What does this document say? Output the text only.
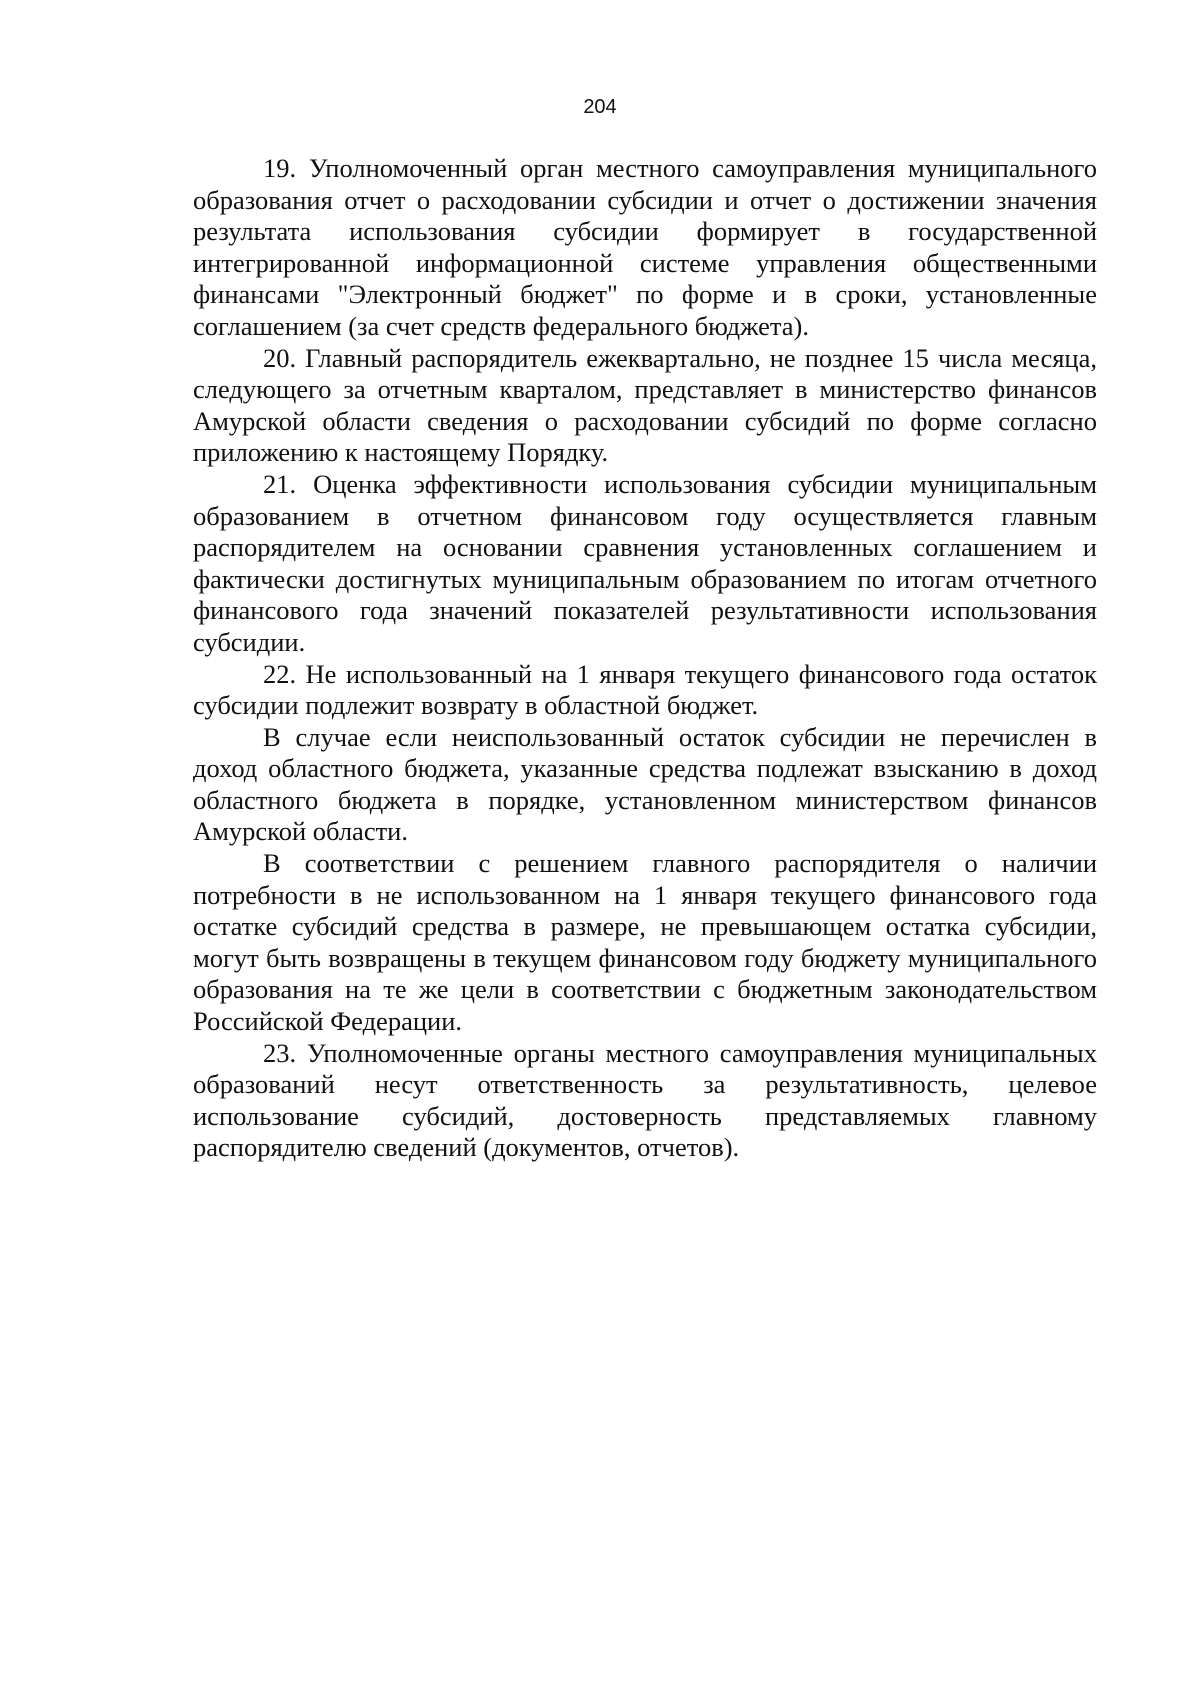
204

19. Уполномоченный орган местного самоуправления муниципального образования отчет о расходовании субсидии и отчет о достижении значения результата использования субсидии формирует в государственной интегрированной информационной системе управления общественными финансами "Электронный бюджет" по форме и в сроки, установленные соглашением (за счет средств федерального бюджета).

20. Главный распорядитель ежеквартально, не позднее 15 числа месяца, следующего за отчетным кварталом, представляет в министерство финансов Амурской области сведения о расходовании субсидий по форме согласно приложению к настоящему Порядку.

21. Оценка эффективности использования субсидии муниципальным образованием в отчетном финансовом году осуществляется главным распорядителем на основании сравнения установленных соглашением и фактически достигнутых муниципальным образованием по итогам отчетного финансового года значений показателей результативности использования субсидии.

22. Не использованный на 1 января текущего финансового года остаток субсидии подлежит возврату в областной бюджет.

В случае если неиспользованный остаток субсидии не перечислен в доход областного бюджета, указанные средства подлежат взысканию в доход областного бюджета в порядке, установленном министерством финансов Амурской области.

В соответствии с решением главного распорядителя о наличии потребности в не использованном на 1 января текущего финансового года остатке субсидий средства в размере, не превышающем остатка субсидии, могут быть возвращены в текущем финансовом году бюджету муниципального образования на те же цели в соответствии с бюджетным законодательством Российской Федерации.

23. Уполномоченные органы местного самоуправления муниципальных образований несут ответственность за результативность, целевое использование субсидий, достоверность представляемых главному распорядителю сведений (документов, отчетов).
